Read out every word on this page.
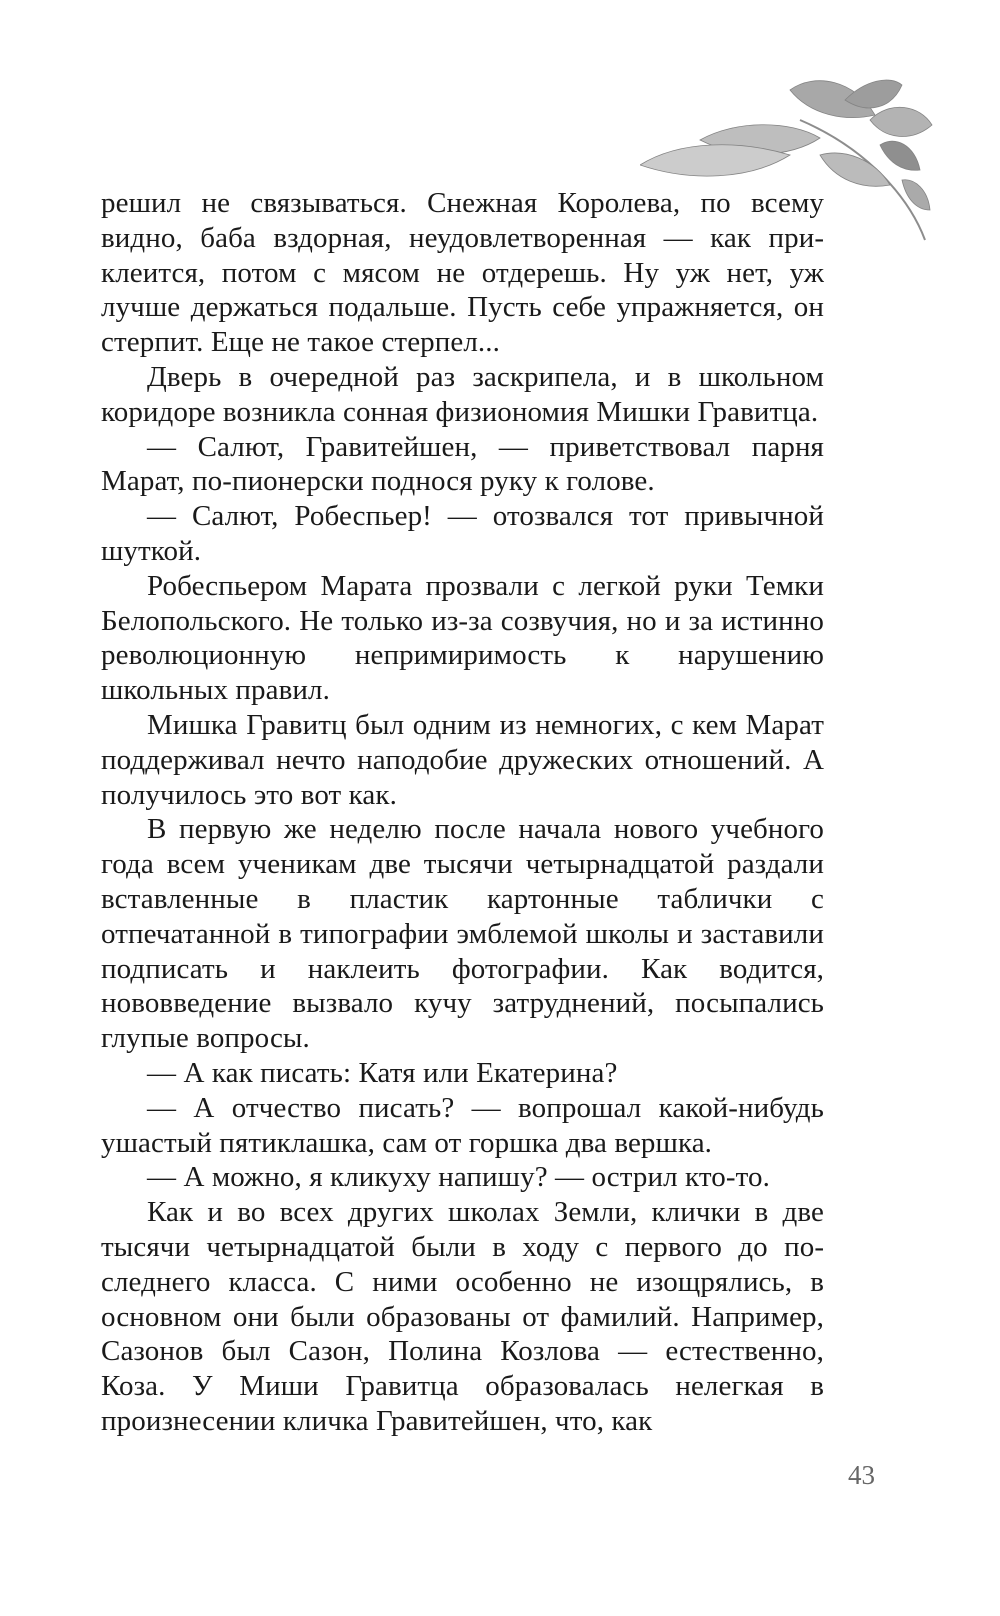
решил не связываться. Снежная Королева, по всему видно, баба вздорная, неудовлетворенная — как приклеится, потом с мясом не отдерешь. Ну уж нет, уж лучше держаться подальше. Пусть себе упражняется, он стерпит. Еще не такое стерпел...

Дверь в очередной раз заскрипела, и в школьном коридоре возникла сонная физиономия Мишки Гравитца.

— Салют, Гравитейшен, — приветствовал парня Марат, по-пионерски поднося руку к голове.

— Салют, Робеспьер! — отозвался тот привычной шуткой.

Робеспьером Марата прозвали с легкой руки Темки Белопольского. Не только из-за созвучия, но и за истинно революционную непримиримость к нарушению школьных правил.

Мишка Гравитц был одним из немногих, с кем Марат поддерживал нечто наподобие дружеских отношений. А получилось это вот как.

В первую же неделю после начала нового учебного года всем ученикам две тысячи четырнадцатой раздали вставленные в пластик картонные таблички с отпечатанной в типографии эмблемой школы и заставили подписать и наклеить фотографии. Как водится, нововведение вызвало кучу затруднений, посыпались глупые вопросы.

— А как писать: Катя или Екатерина?

— А отчество писать? — вопрошал какой-нибудь ушастый пятиклашка, сам от горшка два вершка.

— А можно, я кликуху напишу? — острил кто-то.

Как и во всех других школах Земли, клички в две тысячи четырнадцатой были в ходу с первого до последнего класса. С ними особенно не изощрялись, в основном они были образованы от фамилий. Например, Сазонов был Сазон, Полина Козлова — естественно, Коза. У Миши Гравитца образовалась нелегкая в произнесении кличка Гравитейшен, что, как

43
